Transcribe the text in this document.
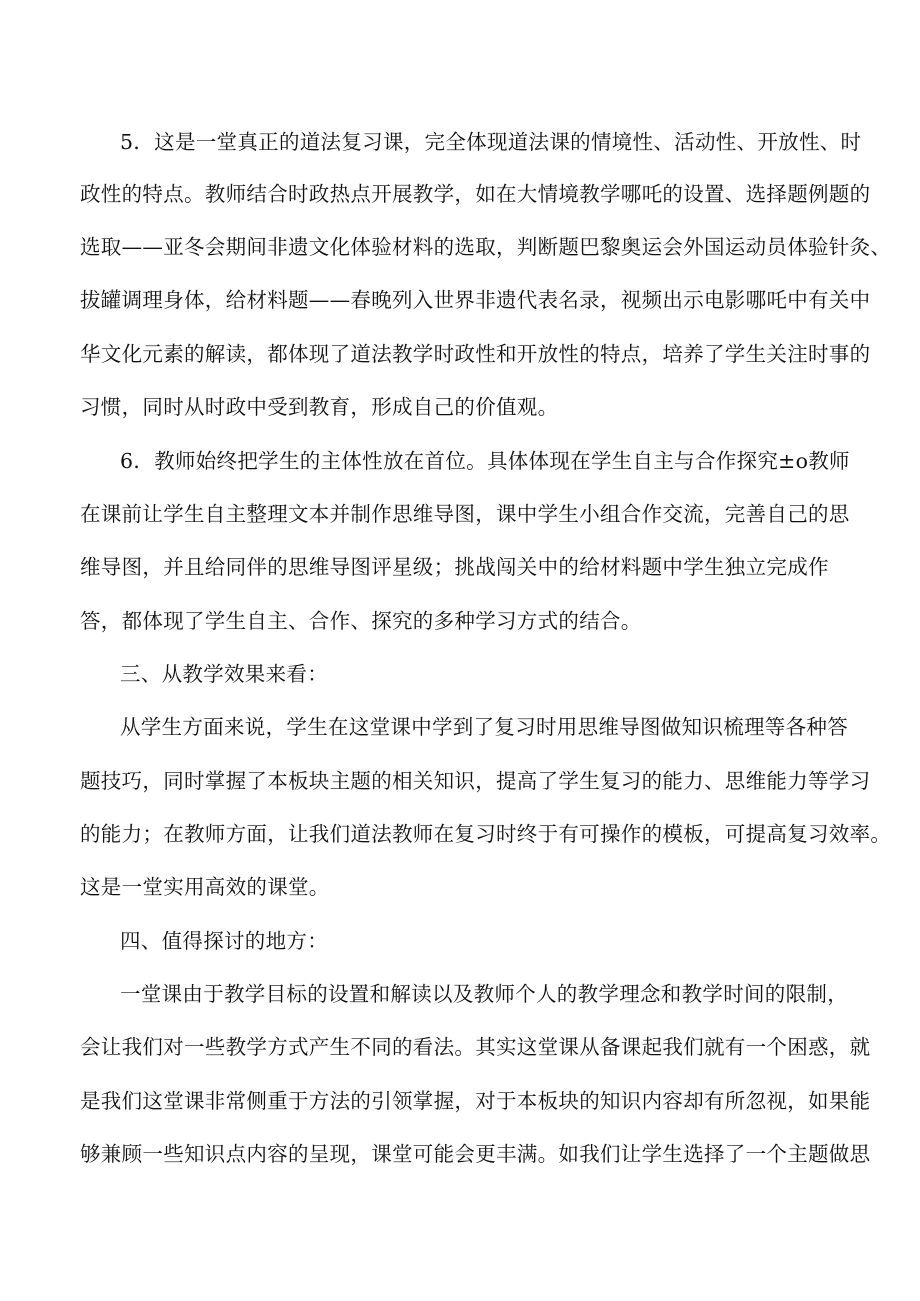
5．这是一堂真正的道法复习课，完全体现道法课的情境性、活动性、开放性、时
政性的特点。教师结合时政热点开展教学，如在大情境教学哪吒的设置、选择题例题的
选取——亚冬会期间非遗文化体验材料的选取，判断题巴黎奥运会外国运动员体验针灸、
拔罐调理身体，给材料题——春晚列入世界非遗代表名录，视频出示电影哪吒中有关中
华文化元素的解读，都体现了道法教学时政性和开放性的特点，培养了学生关注时事的
习惯，同时从时政中受到教育，形成自己的价值观。
6．教师始终把学生的主体性放在首位。具体体现在学生自主与合作探究±o教师
在课前让学生自主整理文本并制作思维导图，课中学生小组合作交流，完善自己的思
维导图，并且给同伴的思维导图评星级；挑战闯关中的给材料题中学生独立完成作
答，都体现了学生自主、合作、探究的多种学习方式的结合。
三、从教学效果来看：
从学生方面来说，学生在这堂课中学到了复习时用思维导图做知识梳理等各种答
题技巧，同时掌握了本板块主题的相关知识，提高了学生复习的能力、思维能力等学习
的能力；在教师方面，让我们道法教师在复习时终于有可操作的模板，可提高复习效率。
这是一堂实用高效的课堂。
四、值得探讨的地方：
一堂课由于教学目标的设置和解读以及教师个人的教学理念和教学时间的限制，
会让我们对一些教学方式产生不同的看法。其实这堂课从备课起我们就有一个困惑，就
是我们这堂课非常侧重于方法的引领掌握，对于本板块的知识内容却有所忽视，如果能
够兼顾一些知识点内容的呈现，课堂可能会更丰满。如我们让学生选择了一个主题做思
